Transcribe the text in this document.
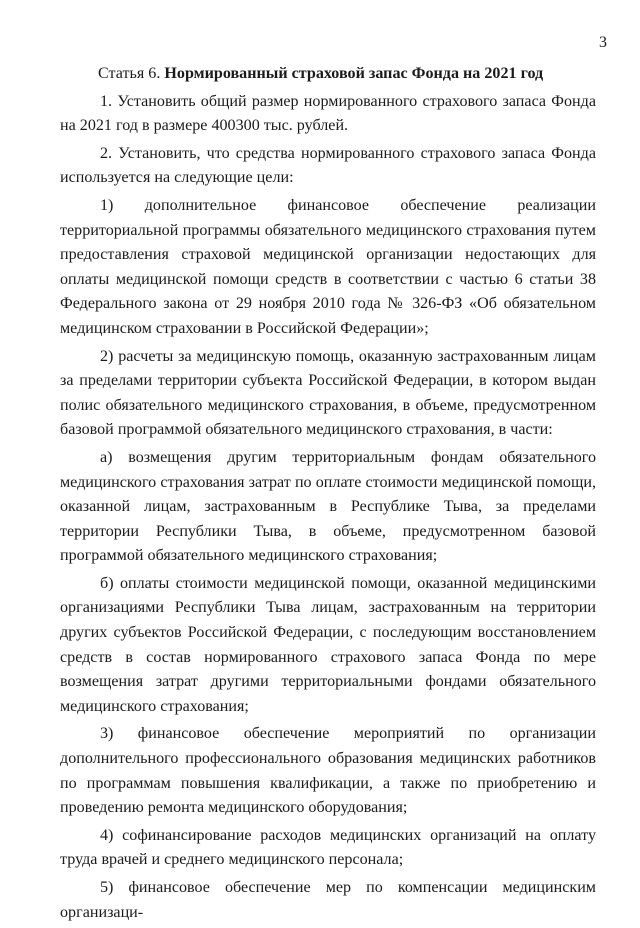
3

Статья 6. Нормированный страховой запас Фонда на 2021 год

1. Установить общий размер нормированного страхового запаса Фонда на 2021 год в размере 400300 тыс. рублей.

2. Установить, что средства нормированного страхового запаса Фонда используется на следующие цели:

1) дополнительное финансовое обеспечение реализации территориальной программы обязательного медицинского страхования путем предоставления страховой медицинской организации недостающих для оплаты медицинской помощи средств в соответствии с частью 6 статьи 38 Федерального закона от 29 ноября 2010 года № 326-ФЗ «Об обязательном медицинском страховании в Российской Федерации»;

2) расчеты за медицинскую помощь, оказанную застрахованным лицам за пределами территории субъекта Российской Федерации, в котором выдан полис обязательного медицинского страхования, в объеме, предусмотренном базовой программой обязательного медицинского страхования, в части:

а) возмещения другим территориальным фондам обязательного медицинского страхования затрат по оплате стоимости медицинской помощи, оказанной лицам, застрахованным в Республике Тыва, за пределами территории Республики Тыва, в объеме, предусмотренном базовой программой обязательного медицинского страхования;

б) оплаты стоимости медицинской помощи, оказанной медицинскими организациями Республики Тыва лицам, застрахованным на территории других субъектов Российской Федерации, с последующим восстановлением средств в состав нормированного страхового запаса Фонда по мере возмещения затрат другими территориальными фондами обязательного медицинского страхования;

3) финансовое обеспечение мероприятий по организации дополнительного профессионального образования медицинских работников по программам повышения квалификации, а также по приобретению и проведению ремонта медицинского оборудования;

4) софинансирование расходов медицинских организаций на оплату труда врачей и среднего медицинского персонала;

5) финансовое обеспечение мер по компенсации медицинским организаци-
